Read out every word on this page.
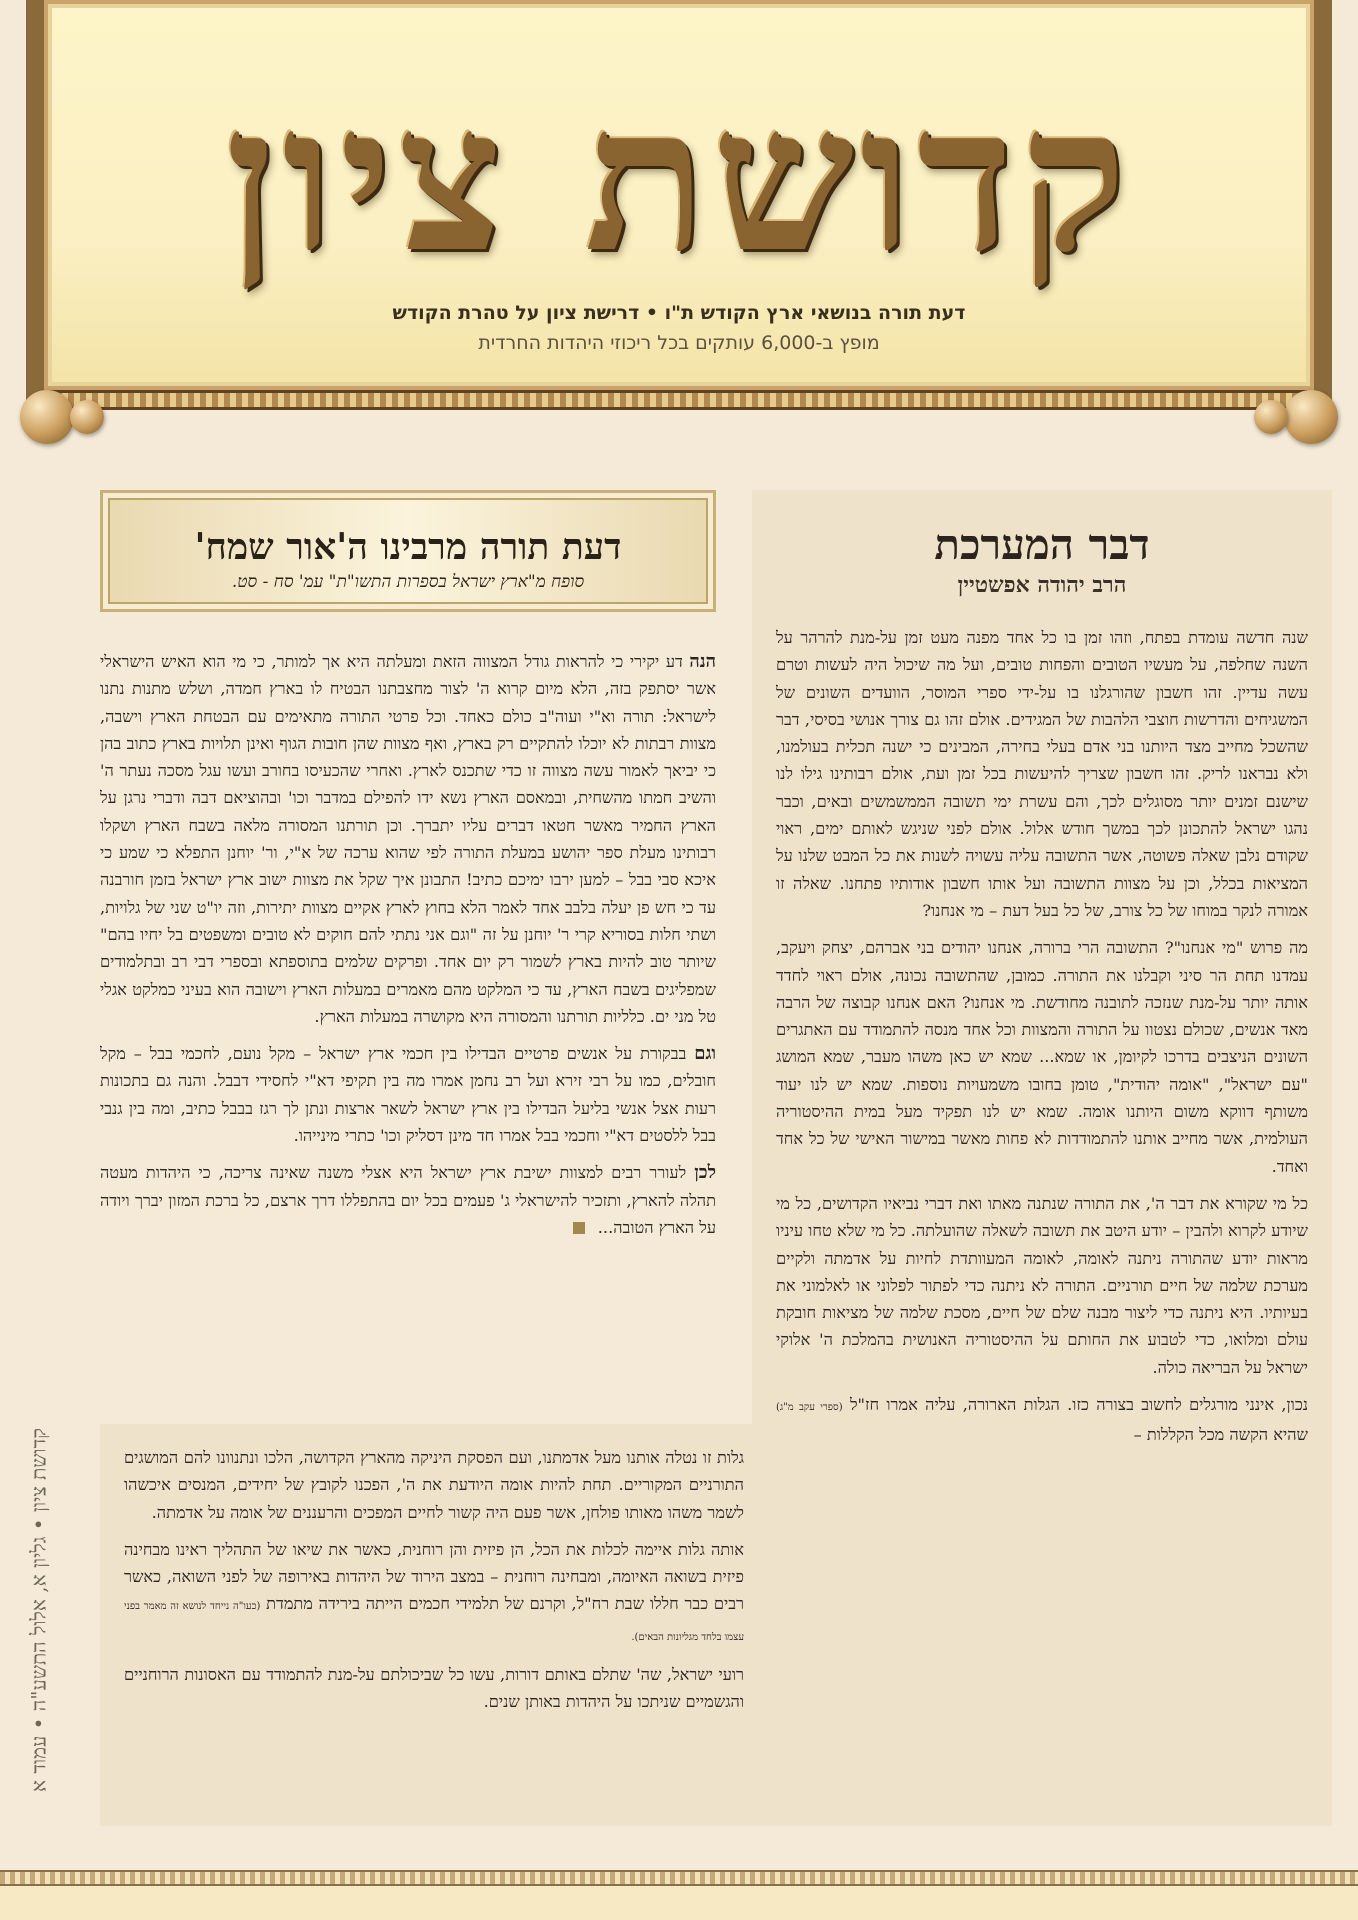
קדושת ציון
דעת תורה בנושאי ארץ הקודש ת"ו • דרישת ציון על טהרת הקודש
מופץ ב-6,000 עותקים בכל ריכוזי היהדות החרדית
דבר המערכת
הרב יהודה אפשטיין

שנה חדשה עומדת בפתח, וזהו זמן בו כל אחד מפנה מעט זמן על-מנת להרהר על השנה שחלפה, על מעשיו הטובים והפחות טובים, ועל מה שיכול היה לעשות וטרם עשה עדיין. זהו חשבון שהורגלנו בו על-ידי ספרי המוסר, הוועדים השונים של המשגיחים והדרשות חוצבי הלהבות של המגידים. אולם זהו גם צורך אנושי בסיסי, דבר שהשכל מחייב מצד היותנו בני אדם בעלי בחירה, המבינים כי ישנה תכלית בעולמנו, ולא נבראנו לריק. זהו חשבון שצריך להיעשות בכל זמן ועת, אולם רבותינו גילו לנו שישנם זמנים יותר מסוגלים לכך, והם עשרת ימי תשובה הממשמשים ובאים, וכבר נהגו ישראל להתכונן לכך במשך חודש אלול. אולם לפני שניגש לאותם ימים, ראוי שקודם נלבן שאלה פשוטה, אשר התשובה עליה עשויה לשנות את כל המבט שלנו על המציאות בכלל, וכן על מצוות התשובה ועל אותו חשבון אודותיו פתחנו. שאלה זו אמורה לנקר במוחו של כל צורב, של כל בעל דעת – מי אנחנו?

מה פרוש "מי אנחנו"? התשובה הרי ברורה, אנחנו יהודים בני אברהם, יצחק ויעקב, עמדנו תחת הר סיני וקבלנו את התורה. כמובן, שהתשובה נכונה, אולם ראוי לחדד אותה יותר על-מנת שנזכה לתובנה מחודשת. מי אנחנו? האם אנחנו קבוצה של הרבה מאד אנשים, שכולם נצטוו על התורה והמצוות וכל אחד מנסה להתמודד עם האתגרים השונים הניצבים בדרכו לקיומן, או שמא... שמא יש כאן משהו מעבר, שמא המושג "עם ישראל", "אומה יהודית", טומן בחובו משמעויות נוספות. שמא יש לנו יעוד משותף דווקא משום היותנו אומה. שמא יש לנו תפקיד מעל במית ההיסטוריה העולמית, אשר מחייב אותנו להתמודדות לא פחות מאשר במישור האישי של כל אחד ואחד.

כל מי שקורא את דבר ה', את התורה שנתנה מאתו ואת דברי נביאיו הקדושים, כל מי שיודע לקרוא ולהבין – יודע היטב את תשובה לשאלה שהועלתה. כל מי שלא טחו עיניו מראות יודע שהתורה ניתנה לאומה, לאומה המעוותדת לחיות על אדמתה ולקיים מערכת שלמה של חיים תורניים. התורה לא ניתנה כדי לפתור לפלוני או לאלמוני את בעיותיו. היא ניתנה כדי ליצור מבנה שלם של חיים, מסכת שלמה של מציאות חובקת עולם ומלואו, כדי לטבוע את החותם על ההיסטוריה האנושית בהמלכת ה' אלוקי ישראל על הבריאה כולה.

נכון, אינני מורגלים לחשוב בצורה כזו. הגלות הארורה, עליה אמרו חז"ל (ספרי עקב מ"ג) שהיא הקשה מכל הקללות –

דעת תורה מרבינו ה'אור שמח'
סופח מ"ארץ ישראל בספרות התשו"ת" עמ' סח - סט.

הנה דע יקירי כי להראות גודל המצווה הזאת ומעלתה היא אך למותר, כי מי הוא האיש הישראלי אשר יסתפק בזה, הלא מיום קרוא ה' לצור מחצבתנו הבטיח לו בארץ חמדה, ושלש מתנות נתנו לישראל: תורה וא"י ועוה"ב כולם כאחד. וכל פרטי התורה מתאימים עם הבטחת הארץ וישבה, מצוות רבתות לא יוכלו להתקיים רק בארץ, ואף מצוות שהן חובות הגוף ואינן תלויות בארץ כתוב בהן כי יביאך לאמור עשה מצווה זו כדי שתכנס לארץ. ואחרי שהכעיסו בחורב ועשו עגל מסכה נעתר ה' והשיב חמתו מהשחית, ובמאסם הארץ נשא ידו להפילם במדבר וכו' ובהוציאם דבה ודברי נרגן על הארץ החמיר מאשר חטאו דברים עליו יתברך. וכן תורתנו המסורה מלאה בשבח הארץ ושקלו רבותינו מעלת ספר יהושע במעלת התורה לפי שהוא ערכה של א"י, ור' יוחנן התפלא כי שמע כי איכא סבי בבל – למען ירבו ימיכם כתיב! התבונן איך שקל את מצוות ישוב ארץ ישראל בזמן חורבנה עד כי חש פן יעלה בלבב אחד לאמר הלא בחוץ לארץ אקיים מצוות יתירות, וזה יו"ט שני של גלויות, ושתי חלות בסוריא קרי ר' יוחנן על זה "וגם אני נתתי להם חוקים לא טובים ומשפטים בל יחיו בהם" שיותר טוב להיות בארץ לשמור רק יום אחד. ופרקים שלמים בתוספתא ובספרי דבי רב ובתלמודים שמפליגים בשבח הארץ, עד כי המלקט מהם מאמרים במעלות הארץ וישובה הוא בעיני כמלקט אגלי טל מני ים. כלליות תורתנו והמסורה היא מקושרה במעלות הארץ.

וגם בבקורת על אנשים פרטיים הבדילו בין חכמי ארץ ישראל – מקל נועם, לחכמי בבל – מקל חובלים, כמו על רבי זירא ועל רב נחמן אמרו מה בין תקיפי דא"י לחסידי דבבל. והנה גם בתכונות רעות אצל אנשי בליעל הבדילו בין ארץ ישראל לשאר ארצות ונתן לך רגז בבבל כתיב, ומה בין גנבי בבל ללסטים דא"י וחכמי בבל אמרו חד מינן דסליק וכו' כתרי מינייהו.

לכן לעורר רבים למצוות ישיבת ארץ ישראל היא אצלי משנה שאינה צריכה, כי היהדות מעטה תהלה להארץ, ותזכיר להישראלי ג' פעמים בכל יום בהתפללו דרך ארצם, כל ברכת המזון יברך ויודה על הארץ הטובה...

גלות זו נטלה אותנו מעל אדמתנו, ועם הפסקת היניקה מהארץ הקדושה, הלכו ונתנוונו להם המושגים התורניים המקוריים. תחת להיות אומה היודעת את ה', הפכנו לקובץ של יחידים, המנסים איכשהו לשמר משהו מאותו פולחן, אשר פעם היה קשור לחיים המפכים והרעננים של אומה על אדמתה.

אותה גלות איימה לכלות את הכל, הן פיזית והן רוחנית, כאשר את שיאו של התהליך ראינו מבחינה פיזית בשואה האיומה, ומבחינה רוחנית – במצב הירוד של היהדות באירופה של לפני השואה, כאשר רבים כבר חללו שבת רח"ל, וקרנם של תלמידי חכמים הייתה בירידה מתמדת (כעו"ה נייחד לנושא זה מאמר בפני עצמו בלחד מגליונות הבאים).

רועי ישראל, שה' שתלם באותם דורות, עשו כל שביכולתם על-מנת להתמודד עם האסונות הרוחניים והגשמיים שניתכו על היהדות באותן שנים.

קדושת ציון • גליון א, אלול התשע"ה • עמוד א
